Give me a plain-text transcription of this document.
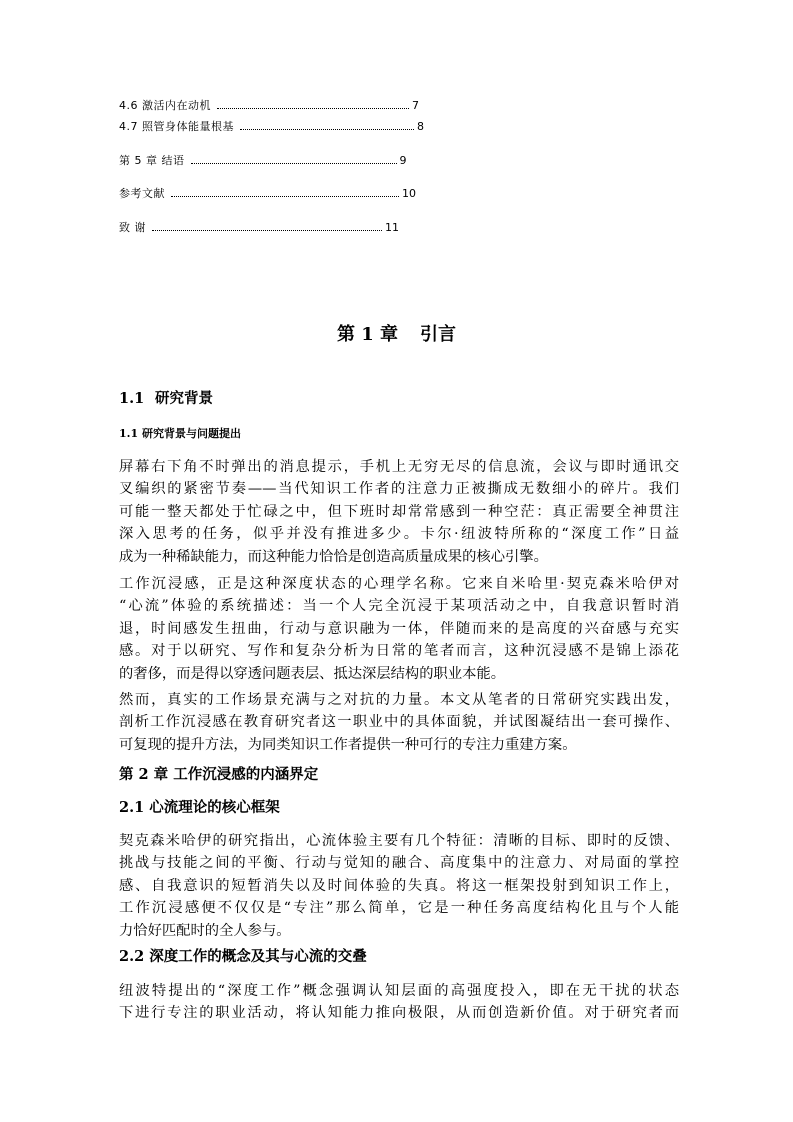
4.6 激活内在动机	7
4.7 照管身体能量根基	8
第 5 章 结语	9
参考文献	10
致 谢	11
第 1 章 引言
1.1 研究背景
1.1 研究背景与问题提出
屏幕右下角不时弹出的消息提示，手机上无穷无尽的信息流，会议与即时通讯交
叉编织的紧密节奏——当代知识工作者的注意力正被撕成无数细小的碎片。我们
可能一整天都处于忙碌之中，但下班时却常常感到一种空茫：真正需要全神贯注
深入思考的任务，似乎并没有推进多少。卡尔·纽波特所称的“深度工作”日益
成为一种稀缺能力，而这种能力恰恰是创造高质量成果的核心引擎。
工作沉浸感，正是这种深度状态的心理学名称。它来自米哈里·契克森米哈伊对
“心流”体验的系统描述：当一个人完全沉浸于某项活动之中，自我意识暂时消
退，时间感发生扭曲，行动与意识融为一体，伴随而来的是高度的兴奋感与充实
感。对于以研究、写作和复杂分析为日常的笔者而言，这种沉浸感不是锦上添花
的奢侈，而是得以穿透问题表层、抵达深层结构的职业本能。
然而，真实的工作场景充满与之对抗的力量。本文从笔者的日常研究实践出发，
剖析工作沉浸感在教育研究者这一职业中的具体面貌，并试图凝结出一套可操作、
可复现的提升方法，为同类知识工作者提供一种可行的专注力重建方案。
第 2 章 工作沉浸感的内涵界定
2.1 心流理论的核心框架
契克森米哈伊的研究指出，心流体验主要有几个特征：清晰的目标、即时的反馈、
挑战与技能之间的平衡、行动与觉知的融合、高度集中的注意力、对局面的掌控
感、自我意识的短暂消失以及时间体验的失真。将这一框架投射到知识工作上，
工作沉浸感便不仅仅是“专注”那么简单，它是一种任务高度结构化且与个人能
力恰好匹配时的全人参与。
2.2 深度工作的概念及其与心流的交叠
纽波特提出的“深度工作”概念强调认知层面的高强度投入，即在无干扰的状态
下进行专注的职业活动，将认知能力推向极限，从而创造新价值。对于研究者而
